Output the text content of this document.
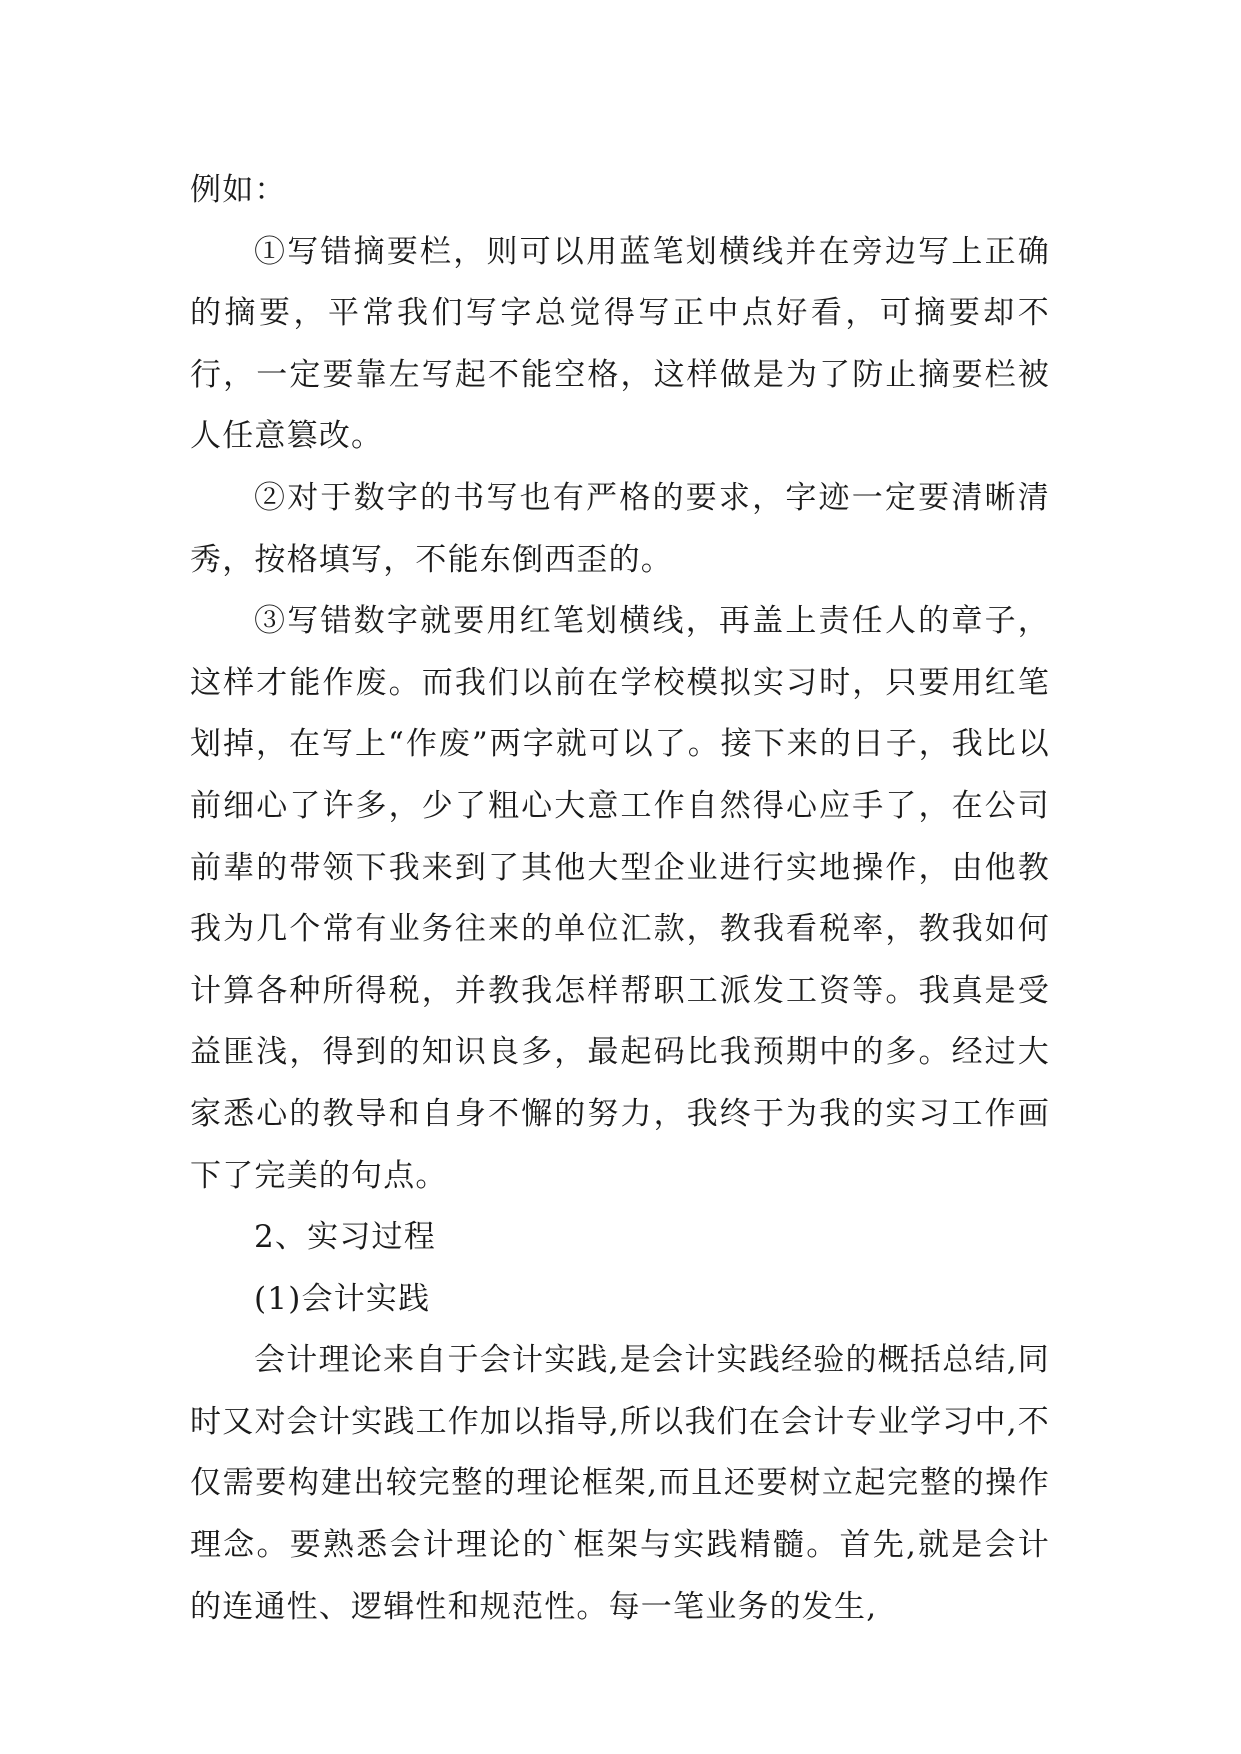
例如：

①写错摘要栏，则可以用蓝笔划横线并在旁边写上正确的摘要，平常我们写字总觉得写正中点好看，可摘要却不行，一定要靠左写起不能空格，这样做是为了防止摘要栏被人任意篡改。

②对于数字的书写也有严格的要求，字迹一定要清晰清秀，按格填写，不能东倒西歪的。

③写错数字就要用红笔划横线，再盖上责任人的章子，这样才能作废。而我们以前在学校模拟实习时，只要用红笔划掉，在写上“作废”两字就可以了。接下来的日子，我比以前细心了许多，少了粗心大意工作自然得心应手了，在公司前辈的带领下我来到了其他大型企业进行实地操作，由他教我为几个常有业务往来的单位汇款，教我看税率，教我如何计算各种所得税，并教我怎样帮职工派发工资等。我真是受益匪浅，得到的知识良多，最起码比我预期中的多。经过大家悉心的教导和自身不懈的努力，我终于为我的实习工作画下了完美的句点。

2、实习过程

(1)会计实践

会计理论来自于会计实践,是会计实践经验的概括总结,同时又对会计实践工作加以指导,所以我们在会计专业学习中,不仅需要构建出较完整的理论框架,而且还要树立起完整的操作理念。要熟悉会计理论的`框架与实践精髓。首先,就是会计的连通性、逻辑性和规范性。每一笔业务的发生,
